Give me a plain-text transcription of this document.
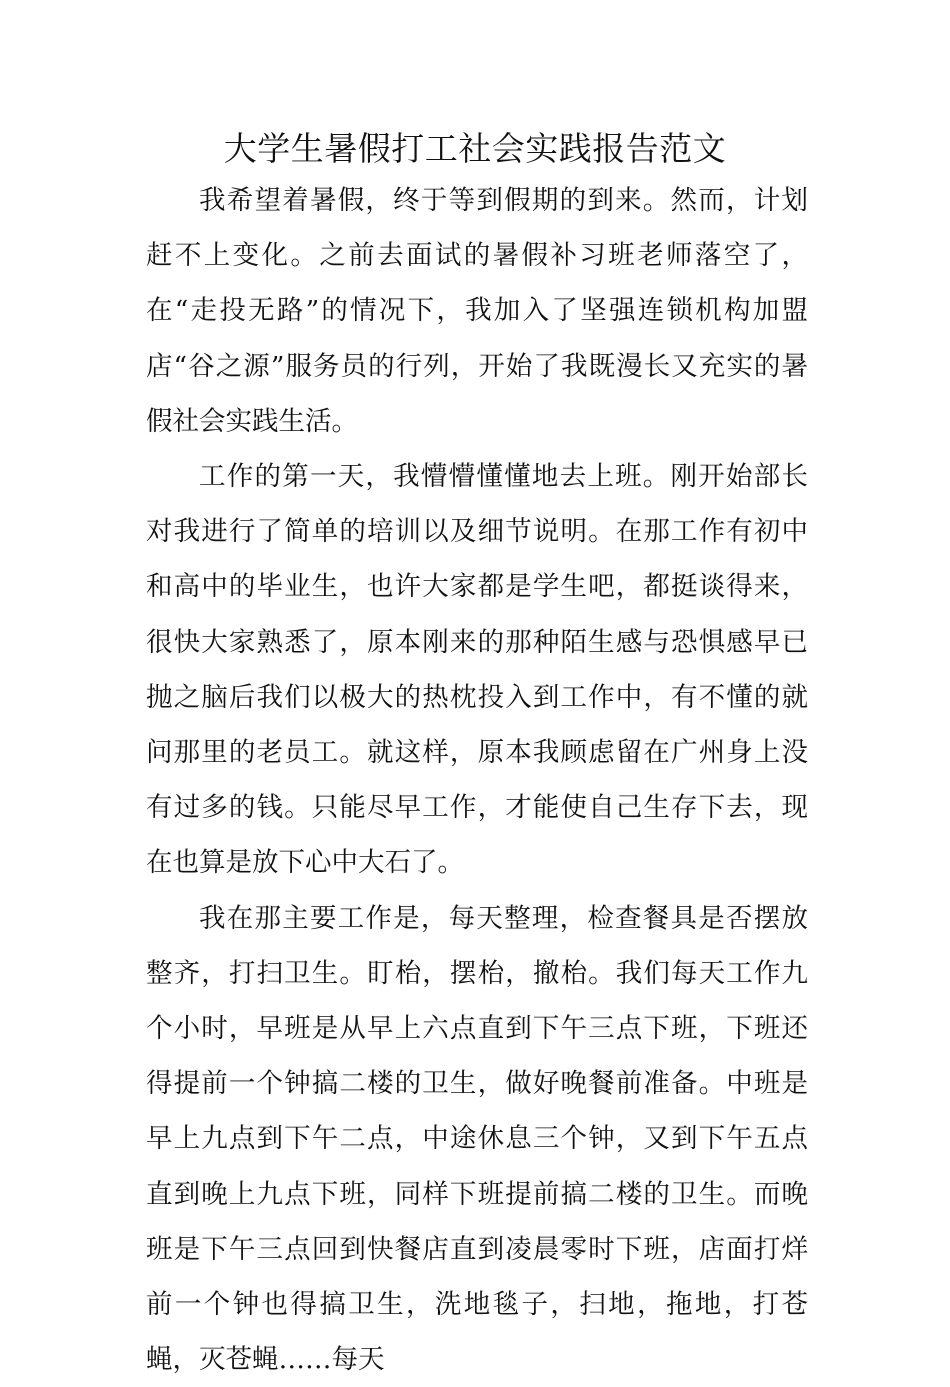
大学生暑假打工社会实践报告范文

我希望着暑假，终于等到假期的到来。然而，计划赶不上变化。之前去面试的暑假补习班老师落空了，在“走投无路”的情况下，我加入了坚强连锁机构加盟店“谷之源”服务员的行列，开始了我既漫长又充实的暑假社会实践生活。

工作的第一天，我懵懵懂懂地去上班。刚开始部长对我进行了简单的培训以及细节说明。在那工作有初中和高中的毕业生，也许大家都是学生吧，都挺谈得来，很快大家熟悉了，原本刚来的那种陌生感与恐惧感早已抛之脑后我们以极大的热枕投入到工作中，有不懂的就问那里的老员工。就这样，原本我顾虑留在广州身上没有过多的钱。只能尽早工作，才能使自己生存下去，现在也算是放下心中大石了。

我在那主要工作是，每天整理，检查餐具是否摆放整齐，打扫卫生。盯枱，摆枱，撤枱。我们每天工作九个小时，早班是从早上六点直到下午三点下班，下班还得提前一个钟搞二楼的卫生，做好晚餐前准备。中班是早上九点到下午二点，中途休息三个钟，又到下午五点直到晚上九点下班，同样下班提前搞二楼的卫生。而晚班是下午三点回到快餐店直到凌晨零时下班，店面打烊前一个钟也得搞卫生，洗地毯子，扫地，拖地，打苍蝇，灭苍蝇……每天
